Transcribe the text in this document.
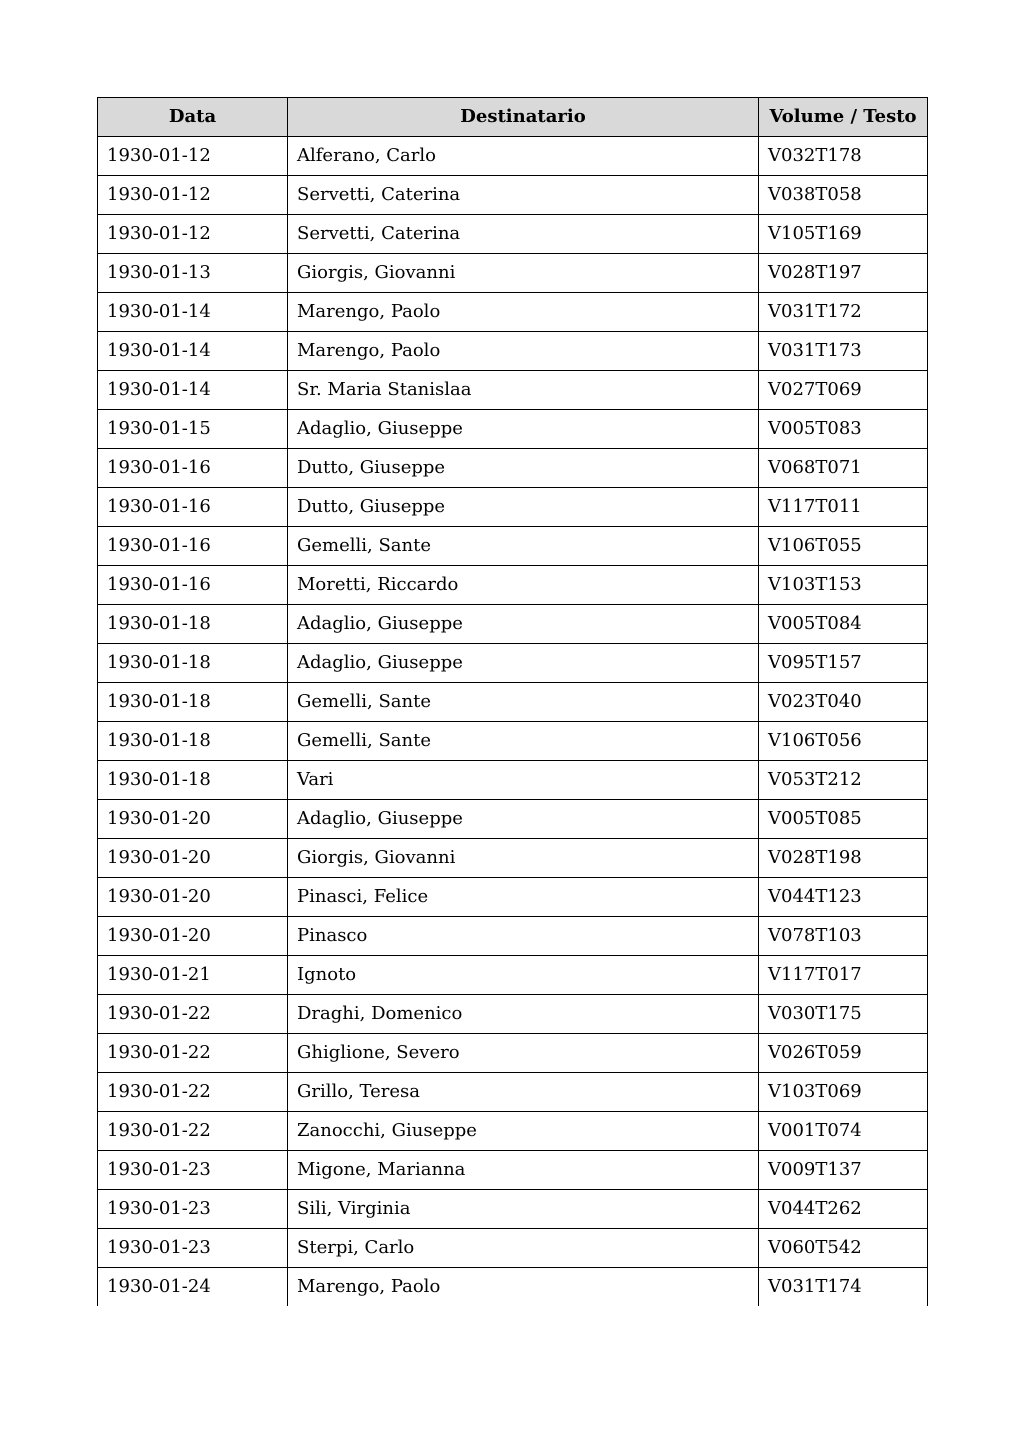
Data	Destinatario	Volume / Testo
1930-01-12	Alferano, Carlo	V032T178
1930-01-12	Servetti, Caterina	V038T058
1930-01-12	Servetti, Caterina	V105T169
1930-01-13	Giorgis, Giovanni	V028T197
1930-01-14	Marengo, Paolo	V031T172
1930-01-14	Marengo, Paolo	V031T173
1930-01-14	Sr. Maria Stanislaa	V027T069
1930-01-15	Adaglio, Giuseppe	V005T083
1930-01-16	Dutto, Giuseppe	V068T071
1930-01-16	Dutto, Giuseppe	V117T011
1930-01-16	Gemelli, Sante	V106T055
1930-01-16	Moretti, Riccardo	V103T153
1930-01-18	Adaglio, Giuseppe	V005T084
1930-01-18	Adaglio, Giuseppe	V095T157
1930-01-18	Gemelli, Sante	V023T040
1930-01-18	Gemelli, Sante	V106T056
1930-01-18	Vari	V053T212
1930-01-20	Adaglio, Giuseppe	V005T085
1930-01-20	Giorgis, Giovanni	V028T198
1930-01-20	Pinasci, Felice	V044T123
1930-01-20	Pinasco	V078T103
1930-01-21	Ignoto	V117T017
1930-01-22	Draghi, Domenico	V030T175
1930-01-22	Ghiglione, Severo	V026T059
1930-01-22	Grillo, Teresa	V103T069
1930-01-22	Zanocchi, Giuseppe	V001T074
1930-01-23	Migone, Marianna	V009T137
1930-01-23	Sili, Virginia	V044T262
1930-01-23	Sterpi, Carlo	V060T542
1930-01-24	Marengo, Paolo	V031T174
